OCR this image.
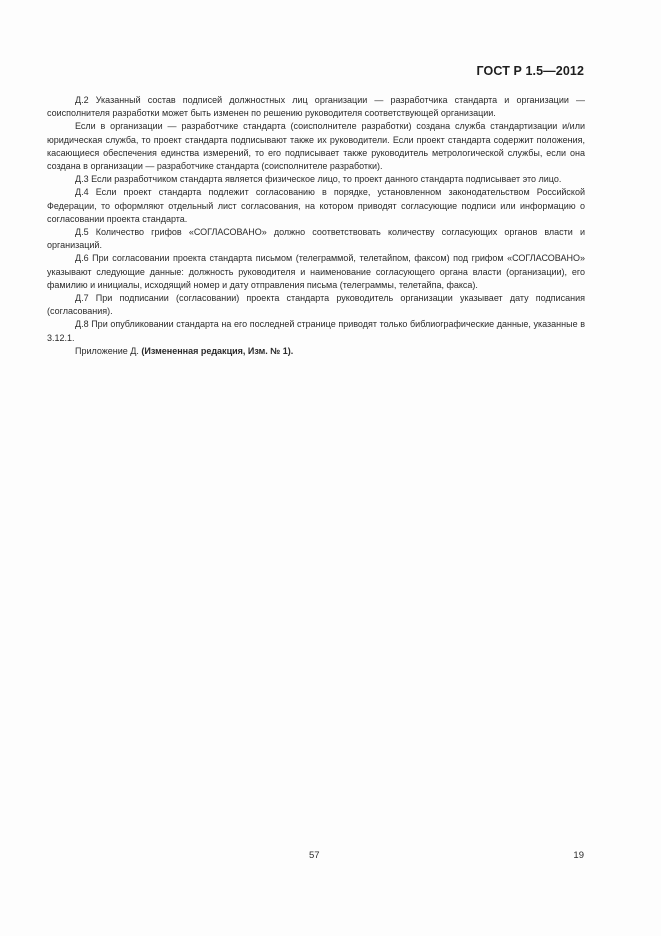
ГОСТ Р 1.5—2012

Д.2 Указанный состав подписей должностных лиц организации — разработчика стандарта и организации — соисполнителя разработки может быть изменен по решению руководителя соответствующей организации.

Если в организации — разработчике стандарта (соисполнителе разработки) создана служба стандартизации и/или юридическая служба, то проект стандарта подписывают также их руководители. Если проект стандарта содержит положения, касающиеся обеспечения единства измерений, то его подписывает также руководитель метрологической службы, если она создана в организации — разработчике стандарта (соисполнителе разработки).

Д.3 Если разработчиком стандарта является физическое лицо, то проект данного стандарта подписывает это лицо.

Д.4 Если проект стандарта подлежит согласованию в порядке, установленном законодательством Российской Федерации, то оформляют отдельный лист согласования, на котором приводят согласующие подписи или информацию о согласовании проекта стандарта.

Д.5 Количество грифов «СОГЛАСОВАНО» должно соответствовать количеству согласующих органов власти и организаций.

Д.6 При согласовании проекта стандарта письмом (телеграммой, телетайпом, факсом) под грифом «СОГЛАСОВАНО» указывают следующие данные: должность руководителя и наименование согласующего органа власти (организации), его фамилию и инициалы, исходящий номер и дату отправления письма (телеграммы, телетайпа, факса).

Д.7 При подписании (согласовании) проекта стандарта руководитель организации указывает дату подписания (согласования).

Д.8 При опубликовании стандарта на его последней странице приводят только библиографические данные, указанные в 3.12.1.

Приложение Д. (Измененная редакция, Изм. № 1).

57	19
